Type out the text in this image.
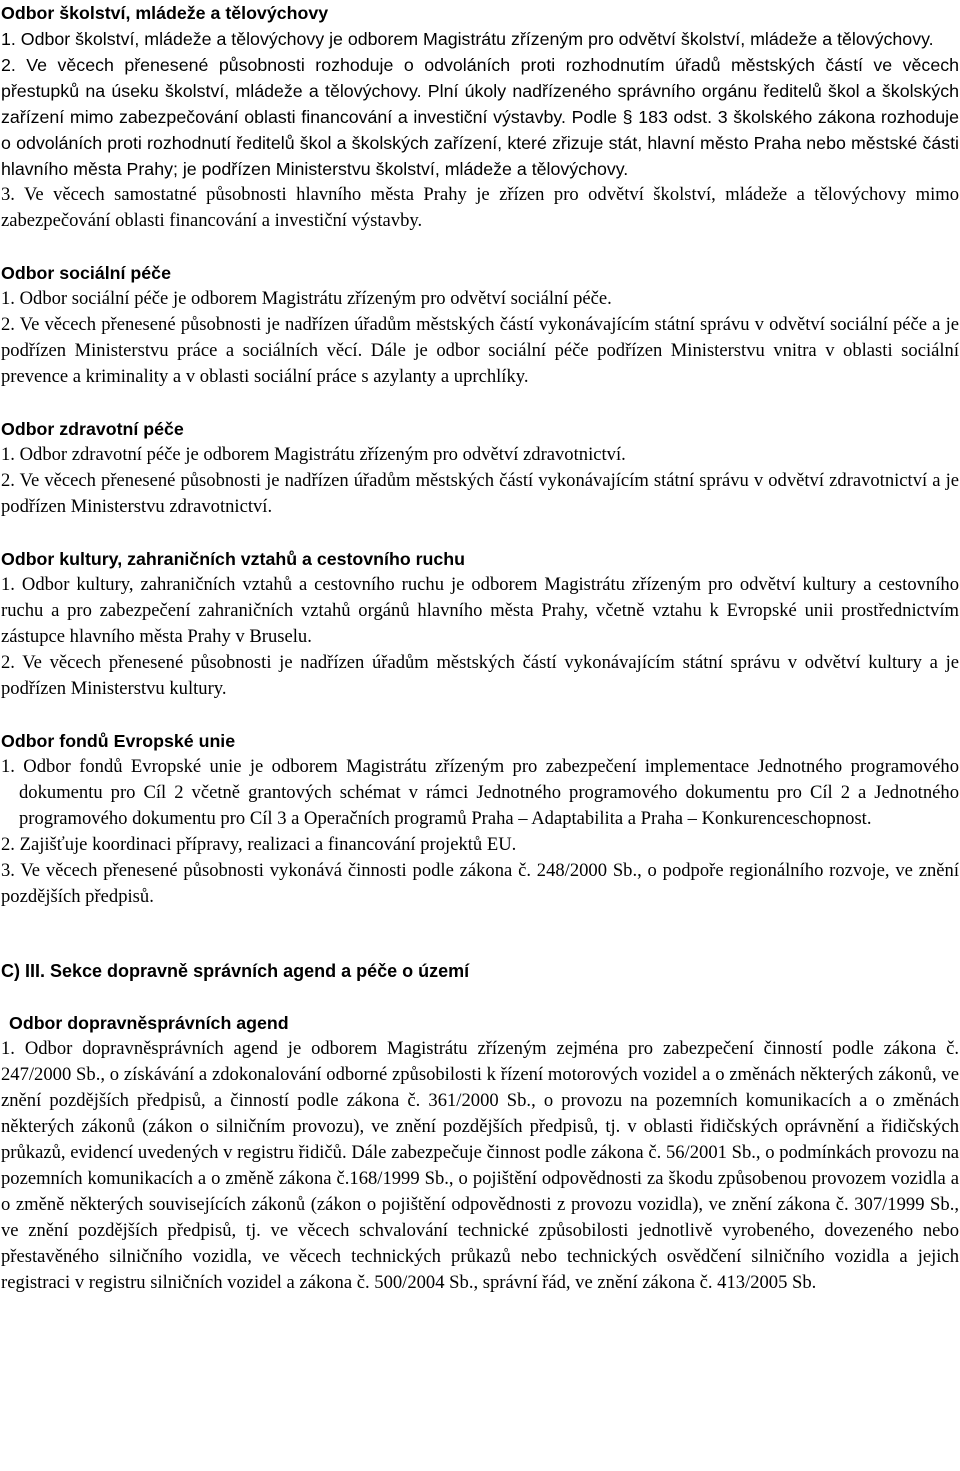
Odbor školství, mládeže a tělovýchovy
1. Odbor školství, mládeže a tělovýchovy je odborem Magistrátu zřízeným pro odvětví školství, mládeže a tělovýchovy.
2. Ve věcech přenesené působnosti rozhoduje o odvoláních proti rozhodnutím úřadů městských částí ve věcech přestupků na úseku školství, mládeže a tělovýchovy. Plní úkoly nadřízeného správního orgánu ředitelů škol a školských zařízení mimo zabezpečování oblasti financování a investiční výstavby. Podle § 183 odst. 3 školského zákona rozhoduje o odvoláních proti rozhodnutí ředitelů škol a školských zařízení, které zřizuje stát, hlavní město Praha nebo městské části hlavního města Prahy; je podřízen Ministerstvu školství, mládeže a tělovýchovy.
3. Ve věcech samostatné působnosti hlavního města Prahy je zřízen pro odvětví školství, mládeže a tělovýchovy mimo zabezpečování oblasti financování a investiční výstavby.
Odbor sociální péče
1. Odbor sociální péče je odborem Magistrátu zřízeným pro odvětví sociální péče.
2. Ve věcech přenesené působnosti je nadřízen úřadům městských částí vykonávajícím státní správu v odvětví sociální péče a je podřízen Ministerstvu práce a sociálních věcí. Dále je odbor sociální péče podřízen Ministerstvu vnitra v oblasti sociální prevence a kriminality a v oblasti sociální práce s azylanty a uprchlíky.
Odbor zdravotní péče
1. Odbor zdravotní péče je odborem Magistrátu zřízeným pro odvětví zdravotnictví.
2. Ve věcech přenesené působnosti je nadřízen úřadům městských částí vykonávajícím státní správu v odvětví zdravotnictví a je podřízen Ministerstvu zdravotnictví.
Odbor kultury, zahraničních vztahů a cestovního ruchu
1. Odbor kultury, zahraničních vztahů a cestovního ruchu je odborem Magistrátu zřízeným pro odvětví kultury a cestovního ruchu a pro zabezpečení zahraničních vztahů orgánů hlavního města Prahy, včetně vztahu k Evropské unii prostřednictvím zástupce hlavního města Prahy v Bruselu.
2. Ve věcech přenesené působnosti je nadřízen úřadům městských částí vykonávajícím státní správu v odvětví kultury a je podřízen Ministerstvu kultury.
Odbor fondů Evropské unie
1. Odbor fondů Evropské unie je odborem Magistrátu zřízeným pro zabezpečení implementace Jednotného programového dokumentu pro Cíl 2 včetně grantových schémat v rámci Jednotného programového dokumentu pro Cíl 2 a Jednotného programového dokumentu pro Cíl 3 a Operačních programů Praha – Adaptabilita a Praha – Konkurenceschopnost.
2. Zajišťuje koordinaci přípravy, realizaci a financování projektů EU.
3. Ve věcech přenesené působnosti vykonává činnosti podle zákona č. 248/2000 Sb., o podpoře regionálního rozvoje, ve znění pozdějších předpisů.
C) III. Sekce dopravně správních agend a péče o území
Odbor dopravněsprávních agend
1. Odbor dopravněsprávních agend je odborem Magistrátu zřízeným zejména pro zabezpečení činností podle zákona č. 247/2000 Sb., o získávání a zdokonalování odborné způsobilosti k řízení motorových vozidel a o změnách některých zákonů, ve znění pozdějších předpisů, a činností podle zákona č. 361/2000 Sb., o provozu na pozemních komunikacích a o změnách některých zákonů (zákon o silničním provozu), ve znění pozdějších předpisů, tj. v oblasti řidičských oprávnění a řidičských průkazů, evidencí uvedených v registru řidičů. Dále zabezpečuje činnost podle zákona č. 56/2001 Sb., o podmínkách provozu na pozemních komunikacích a o změně zákona č.168/1999 Sb., o pojištění odpovědnosti za škodu způsobenou provozem vozidla a o změně některých souvisejících zákonů (zákon o pojištění odpovědnosti z provozu vozidla), ve znění zákona č. 307/1999 Sb., ve znění pozdějších předpisů, tj. ve věcech schvalování technické způsobilosti jednotlivě vyrobeného, dovezeného nebo přestavěného silničního vozidla, ve věcech technických průkazů nebo technických osvědčení silničního vozidla a jejich registraci v registru silničních vozidel a zákona č. 500/2004 Sb., správní řád, ve znění zákona č. 413/2005 Sb.
